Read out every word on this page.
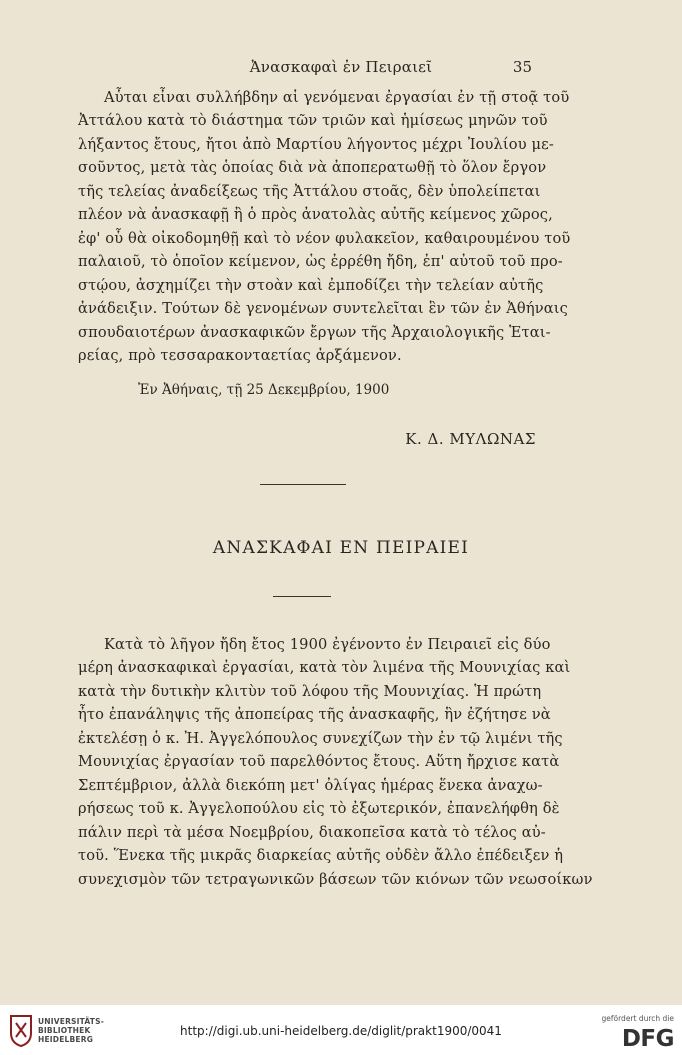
Ἀνασκαφαὶ ἐν Πειραιεῖ	35
Αὗται εἶναι συλλήβδην αἱ γενόμεναι ἐργασίαι ἐν τῇ στοᾷ τοῦ
Ἀττάλου κατὰ τὸ διάστημα τῶν τριῶν καὶ ἡμίσεως μηνῶν τοῦ
λήξαντος ἔτους, ἤτοι ἀπὸ Μαρτίου λήγοντος μέχρι Ἰουλίου με-
σοῦντος, μετὰ τὰς ὁποίας διὰ νὰ ἀποπερατωθῇ τὸ ὅλον ἔργον
τῆς τελείας ἀναδείξεως τῆς Ἀττάλου στοᾶς, δὲν ὑπολείπεται
πλέον νὰ ἀνασκαφῇ ἢ ὁ πρὸς ἀνατολὰς αὐτῆς κείμενος χῶρος,
ἐφ' οὗ θὰ οἰκοδομηθῇ καὶ τὸ νέον φυλακεῖον, καθαιρουμένου τοῦ
παλαιοῦ, τὸ ὁποῖον κείμενον, ὡς ἐρρέθη ἤδη, ἐπ' αὐτοῦ τοῦ προ-
στῴου, ἀσχημίζει τὴν στοὰν καὶ ἐμποδίζει τὴν τελείαν αὐτῆς
ἀνάδειξιν. Τούτων δὲ γενομένων συντελεῖται ἓν τῶν ἐν Ἀθήναις
σπουδαιοτέρων ἀνασκαφικῶν ἔργων τῆς Ἀρχαιολογικῆς Ἑται-
ρείας, πρὸ τεσσαρακονταετίας ἀρξάμενον.
Ἐν Ἀθήναις, τῇ 25 Δεκεμβρίου, 1900
Κ. Δ. ΜΥΛΩΝΑΣ
ΑΝΑΣΚΑΦΑΙ ΕΝ ΠΕΙΡΑΙΕΙ
Κατὰ τὸ λῆγον ἤδη ἔτος 1900 ἐγένοντο ἐν Πειραιεῖ εἰς δύο
μέρη ἀνασκαφικαὶ ἐργασίαι, κατὰ τὸν λιμένα τῆς Μουνιχίας καὶ
κατὰ τὴν δυτικὴν κλιτὺν τοῦ λόφου τῆς Μουνιχίας. Ἡ πρώτη
ἦτο ἐπανάληψις τῆς ἀποπείρας τῆς ἀνασκαφῆς, ἣν ἐζήτησε νὰ
ἐκτελέσῃ ὁ κ. Ἠ. Ἀγγελόπουλος συνεχίζων τὴν ἐν τῷ λιμένι τῆς
Μουνιχίας ἐργασίαν τοῦ παρελθόντος ἔτους. Αὕτη ἤρχισε κατὰ
Σεπτέμβριον, ἀλλὰ διεκόπη μετ' ὀλίγας ἡμέρας ἕνεκα ἀναχω-
ρήσεως τοῦ κ. Ἀγγελοπούλου εἰς τὸ ἐξωτερικόν, ἐπανελήφθη δὲ
πάλιν περὶ τὰ μέσα Νοεμβρίου, διακοπεῖσα κατὰ τὸ τέλος αὐ-
τοῦ. Ἕνεκα τῆς μικρᾶς διαρκείας αὐτῆς οὐδὲν ἄλλο ἐπέδειξεν ἡ
συνεχισμὸν τῶν τετραγωνικῶν βάσεων τῶν κιόνων τῶν νεωσοίκων
UNIVERSITÄTS-
BIBLIOTHEK
HEIDELBERG
http://digi.ub.uni-heidelberg.de/diglit/prakt1900/0041
gefördert durch die
DFG
